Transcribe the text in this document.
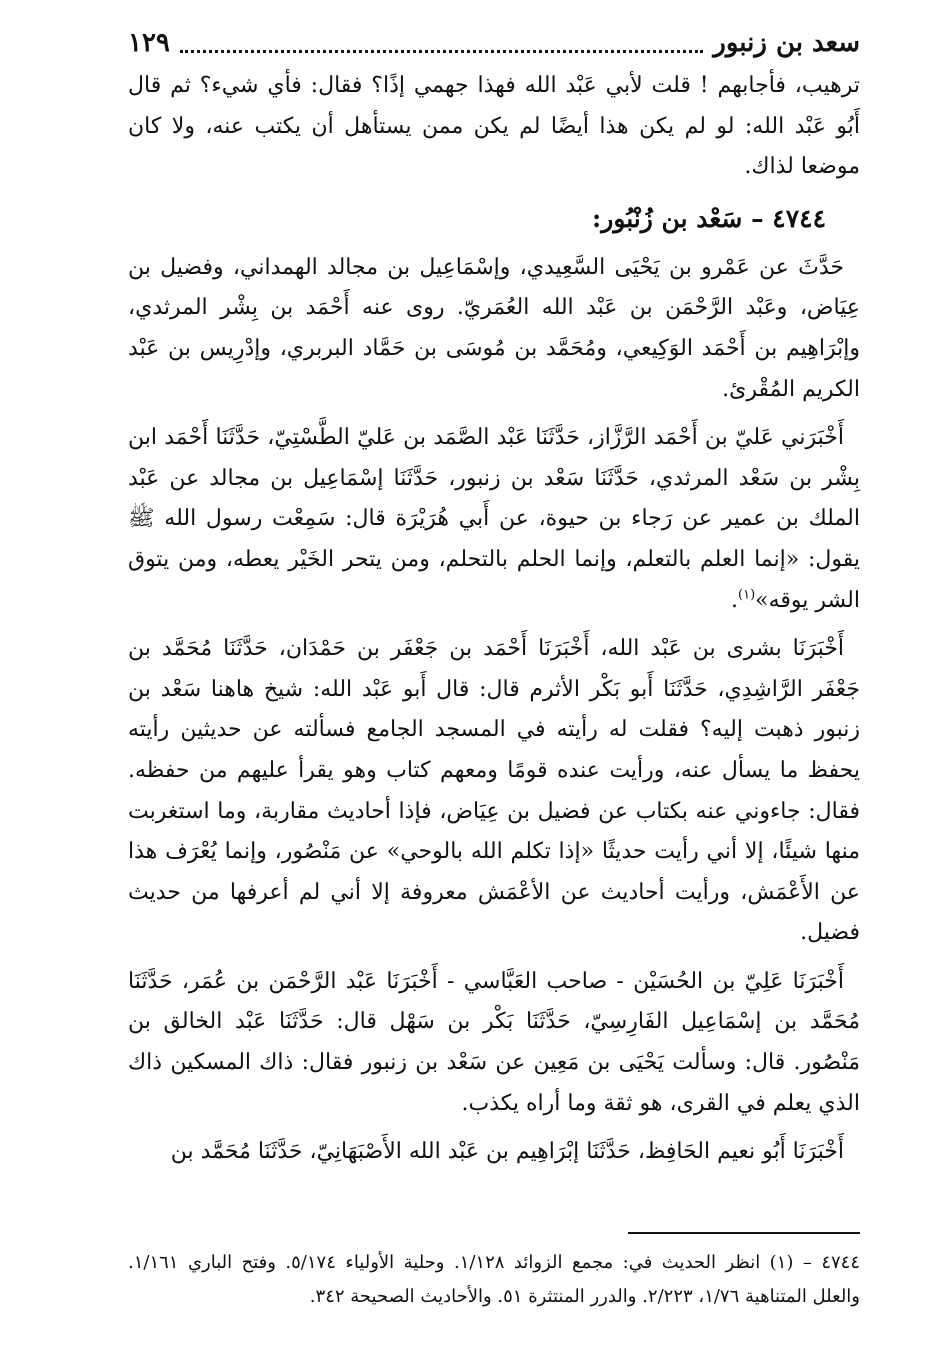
سعد بن زنبور
١٢٩

ترهيب، فأجابهم ! قلت لأبي عَبْد الله فهذا جهمي إذًا؟ فقال: فأي شيء؟ ثم قال أَبُو عَبْد الله: لو لم يكن هذا أيضًا لم يكن ممن يستأهل أن يكتب عنه، ولا كان موضعا لذاك.

٤٧٤٤ – سَعْد بن زُنْبُور:

حَدَّثَ عن عَمْرو بن يَحْيَى السَّعِيدي، وإسْمَاعِيل بن مجالد الهمداني، وفضيل بن عِيَاض، وعَبْد الرَّحْمَن بن عَبْد الله العُمَريّ. روى عنه أَحْمَد بن بِشْر المرثدي، وإبْرَاهِيم بن أَحْمَد الوَكِيعي، ومُحَمَّد بن مُوسَى بن حَمَّاد البربري، وإدْرِيس بن عَبْد الكريم المُقْرئ.

أَخْبَرَني عَليّ بن أَحْمَد الرَّزَّاز، حَدَّثَنَا عَبْد الصَّمَد بن عَليّ الطَّسْتِيّ، حَدَّثَنَا أَحْمَد ابن بِشْر بن سَعْد المرثدي، حَدَّثَنَا سَعْد بن زنبور، حَدَّثَنَا إسْمَاعِيل بن مجالد عن عَبْد الملك بن عمير عن رَجاء بن حيوة، عن أَبي هُرَيْرَة قال: سَمِعْت رسول الله ﷺ يقول: «إنما العلم بالتعلم، وإنما الحلم بالتحلم، ومن يتحر الخَيْر يعطه، ومن يتوق الشر يوقه»$^{(١)}$.

أَخْبَرَنَا بشرى بن عَبْد الله، أَخْبَرَنَا أَحْمَد بن جَعْفَر بن حَمْدَان، حَدَّثَنَا مُحَمَّد بن جَعْفَر الرَّاشِدِي، حَدَّثَنَا أَبو بَكْر الأثرم قال: قال أَبو عَبْد الله: شيخ هاهنا سَعْد بن زنبور ذهبت إليه؟ فقلت له رأيته في المسجد الجامع فسألته عن حديثين رأيته يحفظ ما يسأل عنه، ورأيت عنده قومًا ومعهم كتاب وهو يقرأ عليهم من حفظه. فقال: جاءوني عنه بكتاب عن فضيل بن عِيَاض، فإذا أحاديث مقاربة، وما استغربت منها شيئًا، إلا أني رأيت حديثًا «إذا تكلم الله بالوحي» عن مَنْصُور، وإنما يُعْرَف هذا عن الأَعْمَش، ورأيت أحاديث عن الأعْمَش معروفة إلا أني لم أعرفها من حديث فضيل.

أَخْبَرَنَا عَلِيّ بن الحُسَيْن - صاحب العَبَّاسي - أَخْبَرَنَا عَبْد الرَّحْمَن بن عُمَر، حَدَّثَنَا مُحَمَّد بن إسْمَاعِيل الفَارِسِيّ، حَدَّثَنَا بَكْر بن سَهْل قال: حَدَّثَنَا عَبْد الخالق بن مَنْصُور. قال: وسألت يَحْيَى بن مَعِين عن سَعْد بن زنبور فقال: ذاك المسكين ذاك الذي يعلم في القرى، هو ثقة وما أراه يكذب.

أَخْبَرَنَا أَبُو نعيم الحَافِظ، حَدَّثَنَا إبْرَاهِيم بن عَبْد الله الأَصْبَهَانِيّ، حَدَّثَنَا مُحَمَّد بن

٤٧٤٤ – (١) انظر الحديث في: مجمع الزوائد ١/١٢٨. وحلية الأولياء ٥/١٧٤. وفتح الباري ١/١٦١. والعلل المتناهية ١/٧٦، ٢/٢٢٣. والدرر المنتثرة ٥١. والأحاديث الصحيحة ٣٤٢.
